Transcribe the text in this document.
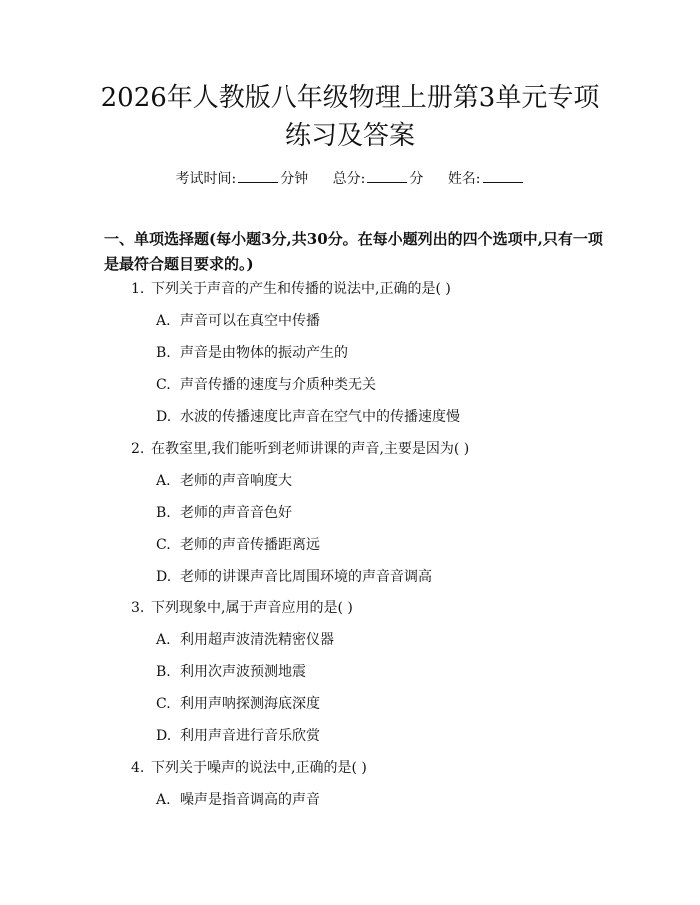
2026年人教版八年级物理上册第3单元专项
练习及答案
考试时间:	分钟 总分:	分 姓名:
一、单项选择题(每小题3分,共30分。在每小题列出的四个选项中,只有一项是最符合题目要求的。)
1. 下列关于声音的产生和传播的说法中,正确的是( )
A. 声音可以在真空中传播
B. 声音是由物体的振动产生的
C. 声音传播的速度与介质种类无关
D. 水波的传播速度比声音在空气中的传播速度慢
2. 在教室里,我们能听到老师讲课的声音,主要是因为( )
A. 老师的声音响度大
B. 老师的声音音色好
C. 老师的声音传播距离远
D. 老师的讲课声音比周围环境的声音音调高
3. 下列现象中,属于声音应用的是( )
A. 利用超声波清洗精密仪器
B. 利用次声波预测地震
C. 利用声呐探测海底深度
D. 利用声音进行音乐欣赏
4. 下列关于噪声的说法中,正确的是( )
A. 噪声是指音调高的声音
